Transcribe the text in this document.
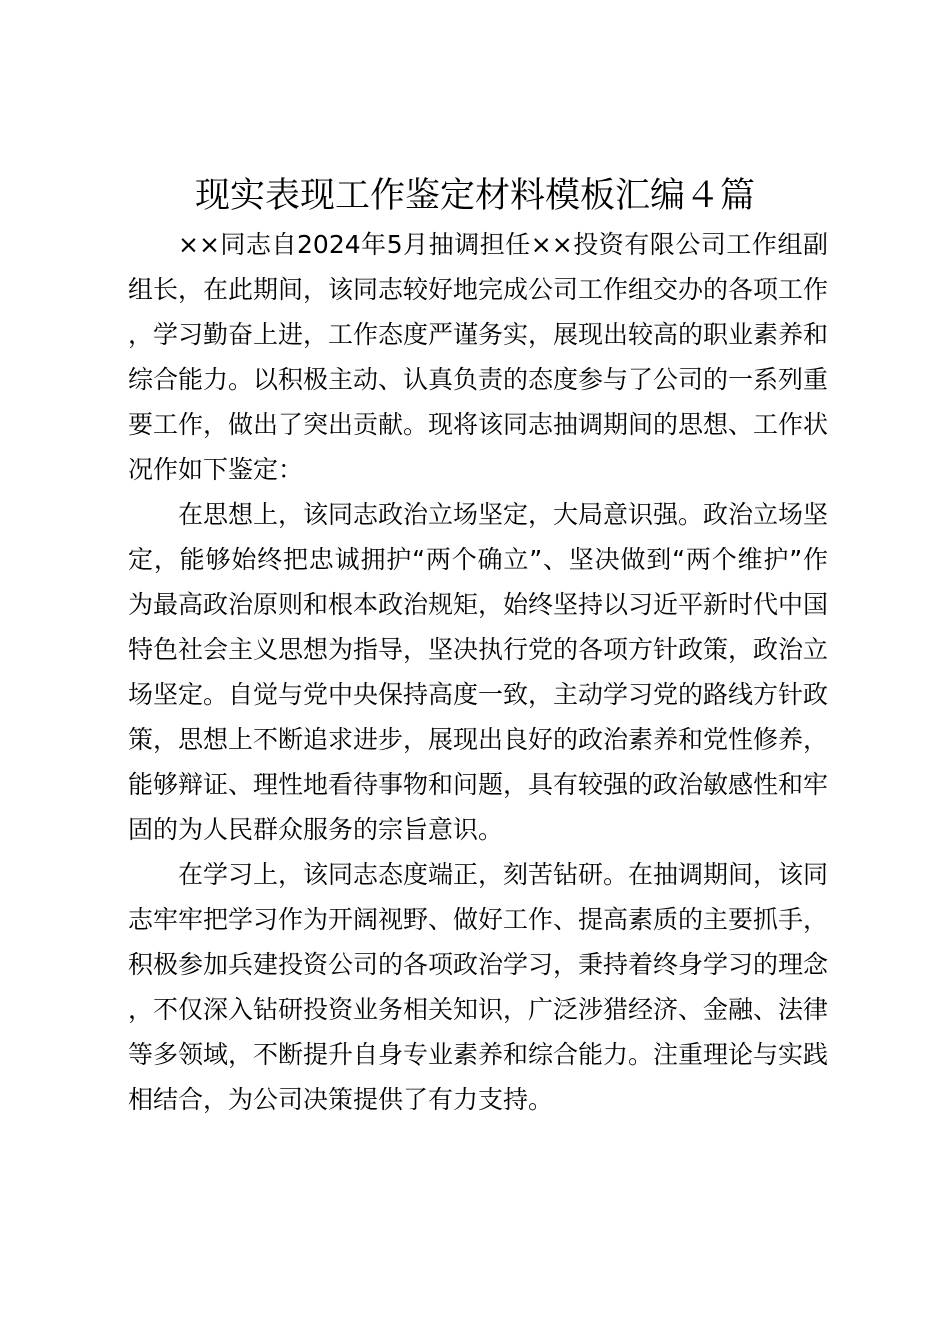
现实表现工作鉴定材料模板汇编４篇

××同志自2024年5月抽调担任××投资有限公司工作组副组长，在此期间，该同志较好地完成公司工作组交办的各项工作，学习勤奋上进，工作态度严谨务实，展现出较高的职业素养和综合能力。以积极主动、认真负责的态度参与了公司的一系列重要工作，做出了突出贡献。现将该同志抽调期间的思想、工作状况作如下鉴定：

在思想上，该同志政治立场坚定，大局意识强。政治立场坚定，能够始终把忠诚拥护“两个确立”、坚决做到“两个维护”作为最高政治原则和根本政治规矩，始终坚持以习近平新时代中国特色社会主义思想为指导，坚决执行党的各项方针政策，政治立场坚定。自觉与党中央保持高度一致，主动学习党的路线方针政策，思想上不断追求进步，展现出良好的政治素养和党性修养，能够辩证、理性地看待事物和问题，具有较强的政治敏感性和牢固的为人民群众服务的宗旨意识。

在学习上，该同志态度端正，刻苦钻研。在抽调期间，该同志牢牢把学习作为开阔视野、做好工作、提高素质的主要抓手，积极参加兵建投资公司的各项政治学习，秉持着终身学习的理念，不仅深入钻研投资业务相关知识，广泛涉猎经济、金融、法律等多领域，不断提升自身专业素养和综合能力。注重理论与实践相结合，为公司决策提供了有力支持。
